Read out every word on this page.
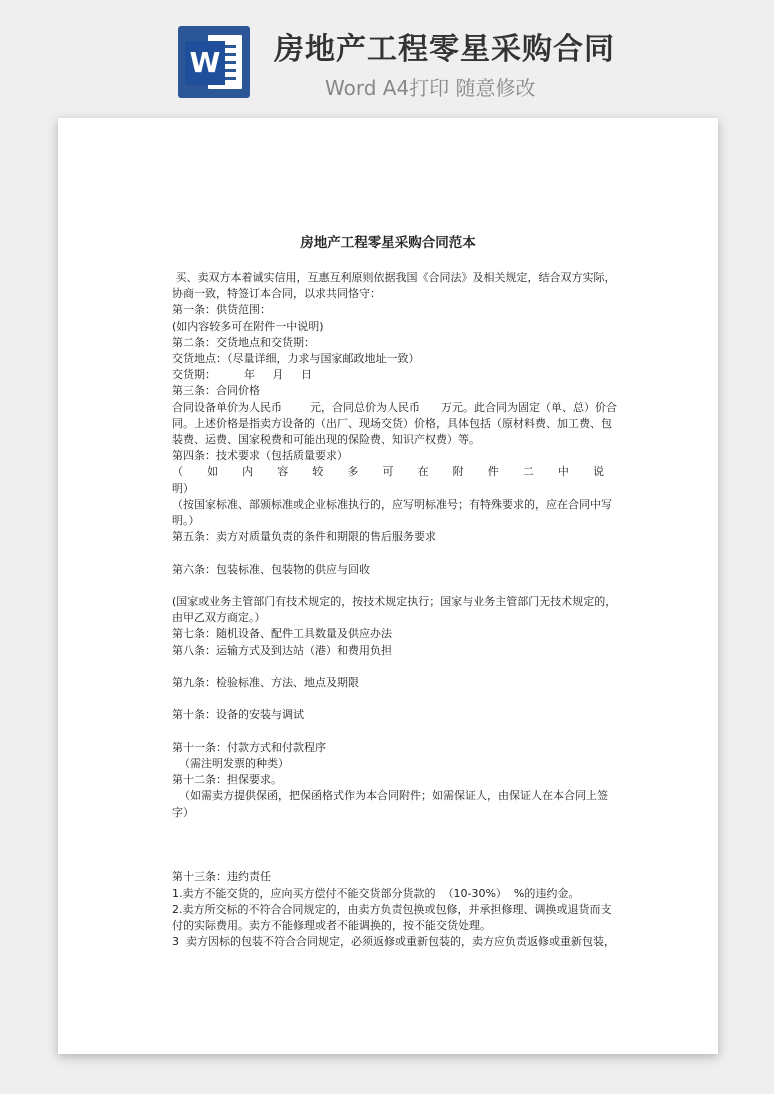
W 房地产工程零星采购合同
Word A4打印 随意修改
​
房地产工程零星采购合同范本

买、卖双方本着诚实信用，互惠互利原则依据我国《合同法》及相关规定，结合双方实际，

协商一致，特签订本合同，以求共同恪守：

第一条：供货范围：

(如内容较多可在附件一中说明)

第二条：交货地点和交货期：

交货地点：（尽量详细，力求与国家邮政地址一致）

交货期：        年     月     日

第三条：合同价格

合同设备单价为人民币        元，合同总价为人民币      万元。此合同为固定（单、总）价合

同。上述价格是指卖方设备的（出厂、现场交货）价格，具体包括（原材料费、加工费、包

装费、运费、国家税费和可能出现的保险费、知识产权费）等。

第四条：技术要求（包括质量要求）

（ 如 内 容 较 多 可 在 附 件 二 中 说

明）

（按国家标准、部颁标准或企业标准执行的，应写明标准号；有特殊要求的，应在合同中写

明。）

第五条：卖方对质量负责的条件和期限的售后服务要求

第六条：包装标准、包装物的供应与回收

(国家或业务主管部门有技术规定的，按技术规定执行；国家与业务主管部门无技术规定的，

由甲乙双方商定。）

第七条：随机设备、配件工具数量及供应办法

第八条：运输方式及到达站（港）和费用负担

第九条：检验标准、方法、地点及期限

第十条：设备的安装与调试

第十一条：付款方式和付款程序

（需注明发票的种类）

第十二条：担保要求。

（如需卖方提供保函，把保函格式作为本合同附件；如需保证人，由保证人在本合同上签

字）

第十三条：违约责任

1.卖方不能交货的，应向买方偿付不能交货部分货款的  （10-30%）  %的违约金。

2.卖方所交标的不符合合同规定的，由卖方负责包换或包修，并承担修理、调换或退货而支

付的实际费用。卖方不能修理或者不能调换的，按不能交货处理。

3  卖方因标的包装不符合合同规定，必须返修或重新包装的，卖方应负责返修或重新包装，
